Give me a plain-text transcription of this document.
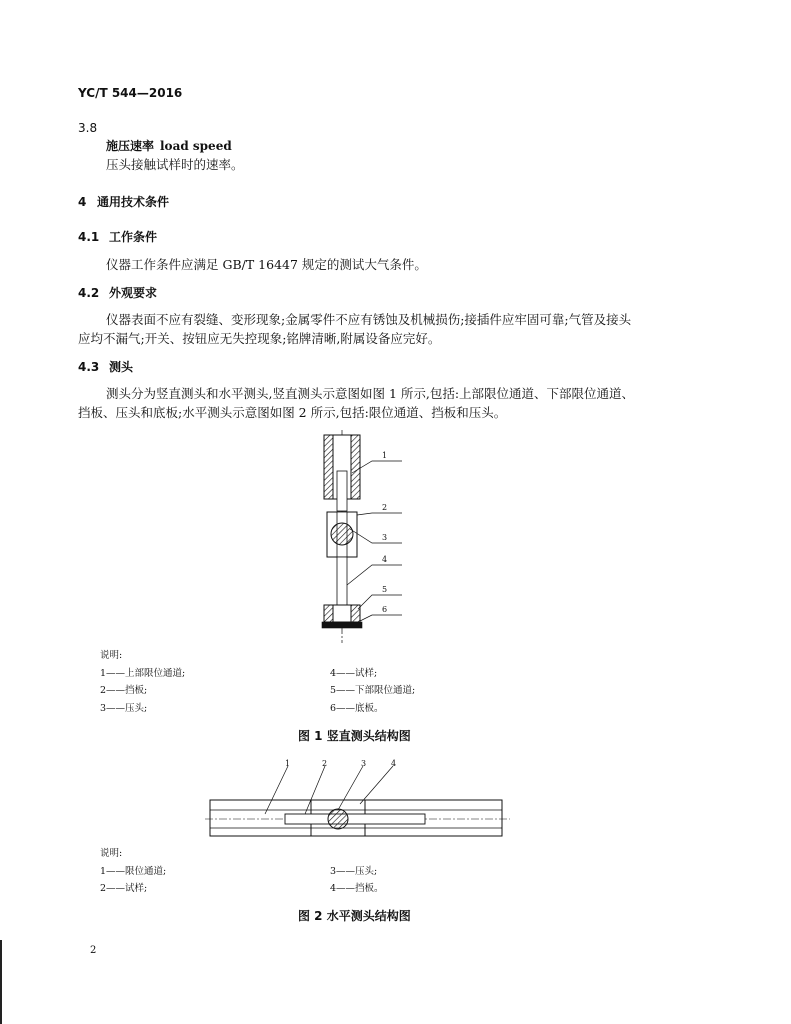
YC/T 544—2016
3.8
施压速率 load speed
压头接触试样时的速率。
4 通用技术条件
4.1 工作条件
仪器工作条件应满足 GB/T 16447 规定的测试大气条件。
4.2 外观要求
仪器表面不应有裂缝、变形现象;金属零件不应有锈蚀及机械损伤;接插件应牢固可靠;气管及接头
应均不漏气;开关、按钮应无失控现象;铭牌清晰,附属设备应完好。
4.3 测头
测头分为竖直测头和水平测头,竖直测头示意图如图 1 所示,包括:上部限位通道、下部限位通道、
挡板、压头和底板;水平测头示意图如图 2 所示,包括:限位通道、挡板和压头。
1
2
3
4
5
6
说明:
1——上部限位通道;
2——挡板;
3——压头;
4——试样;
5——下部限位通道;
6——底板。
图 1 竖直测头结构图
1	2	3	4
说明:
1——限位通道;
2——试样;
3——压头;
4——挡板。
图 2 水平测头结构图
2
